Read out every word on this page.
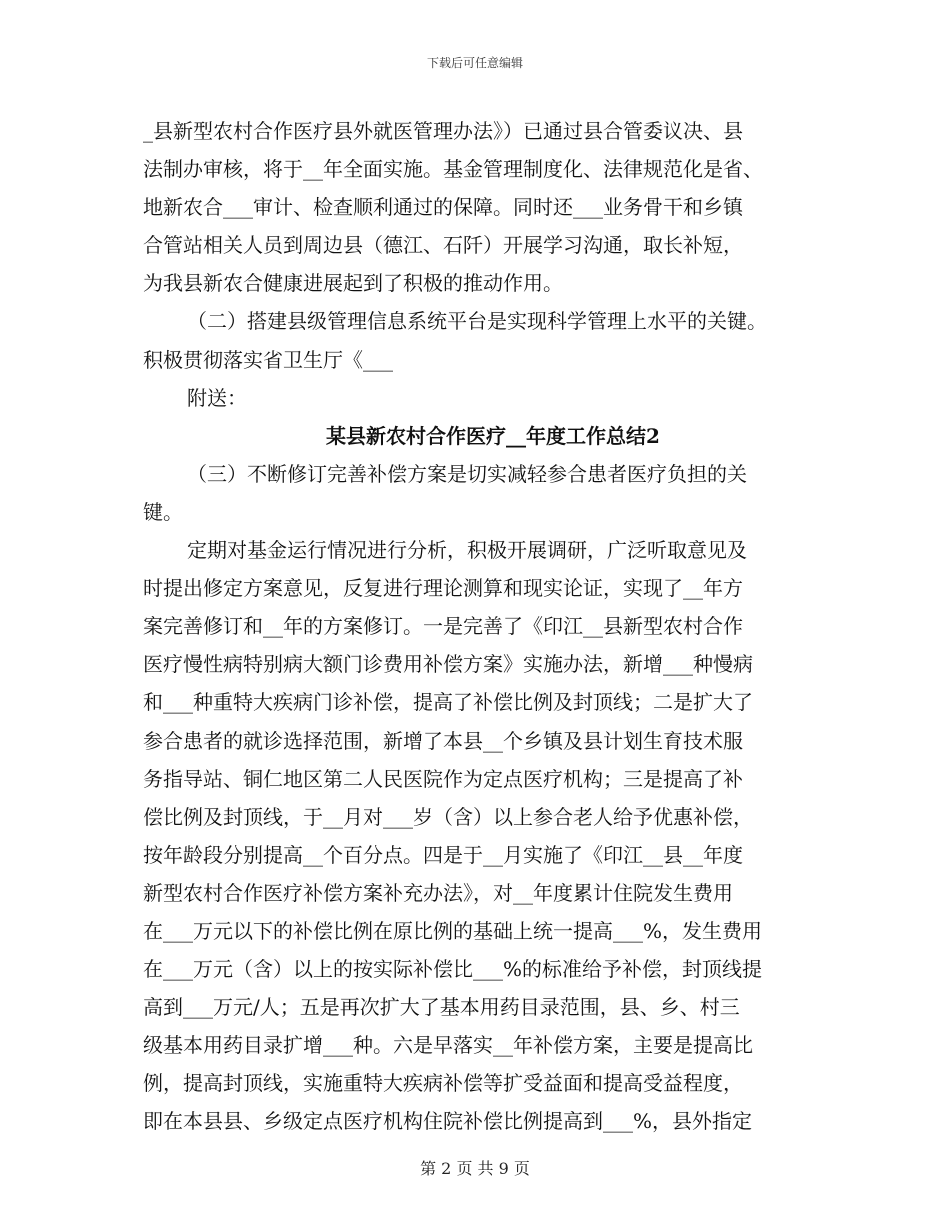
下载后可任意编辑
_县新型农村合作医疗县外就医管理办法》）已通过县合管委议决、县
法制办审核，将于__年全面实施。基金管理制度化、法律规范化是省、
地新农合___审计、检查顺利通过的保障。同时还___业务骨干和乡镇
合管站相关人员到周边县（德江、石阡）开展学习沟通，取长补短，
为我县新农合健康进展起到了积极的推动作用。
（二）搭建县级管理信息系统平台是实现科学管理上水平的关键。
积极贯彻落实省卫生厅《___
附送：
某县新农村合作医疗__年度工作总结2
（三）不断修订完善补偿方案是切实减轻参合患者医疗负担的关
键。
定期对基金运行情况进行分析，积极开展调研，广泛听取意见及
时提出修定方案意见，反复进行理论测算和现实论证，实现了__年方
案完善修订和__年的方案修订。一是完善了《印江__县新型农村合作
医疗慢性病特别病大额门诊费用补偿方案》实施办法，新增___种慢病
和___种重特大疾病门诊补偿，提高了补偿比例及封顶线；二是扩大了
参合患者的就诊选择范围，新增了本县__个乡镇及县计划生育技术服
务指导站、铜仁地区第二人民医院作为定点医疗机构；三是提高了补
偿比例及封顶线，于__月对___岁（含）以上参合老人给予优惠补偿，
按年龄段分别提高__个百分点。四是于__月实施了《印江__县__年度
新型农村合作医疗补偿方案补充办法》，对__年度累计住院发生费用
在___万元以下的补偿比例在原比例的基础上统一提高___%，发生费用
在___万元（含）以上的按实际补偿比___%的标准给予补偿，封顶线提
高到___万元/人；五是再次扩大了基本用药目录范围，县、乡、村三
级基本用药目录扩增___种。六是早落实__年补偿方案，主要是提高比
例，提高封顶线，实施重特大疾病补偿等扩受益面和提高受益程度，
即在本县县、乡级定点医疗机构住院补偿比例提高到___%，县外指定
第 2 页 共 9 页
